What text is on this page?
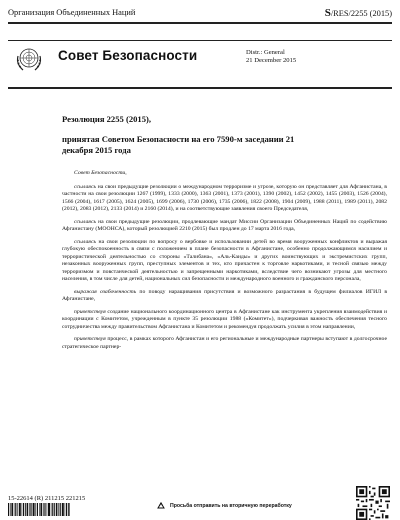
Организация Объединенных Наций	S/RES/2255 (2015)
Совет Безопасности	Distr.: General
21 December 2015
Резолюция 2255 (2015),
принятая Советом Безопасности на его 7590-м заседании 21 декабря 2015 года

Совет Безопасности,

ссылаясь на свои предыдущие резолюции о международном терроризме и угрозе, которую он представляет для Афганистана, в частности на свои резолюции 1267 (1999), 1333 (2000), 1363 (2001), 1373 (2001), 1390 (2002), 1452 (2002), 1455 (2003), 1526 (2004), 1566 (2004), 1617 (2005), 1624 (2005), 1699 (2006), 1730 (2006), 1735 (2006), 1822 (2008), 1904 (2009), 1988 (2011), 1989 (2011), 2082 (2012), 2083 (2012), 2133 (2014) и 2160 (2014), и на соответствующие заявления своего Председателя,

ссылаясь на свои предыдущие резолюции, продлевающие мандат Миссии Организации Объединенных Наций по содействию Афганистану (МООНСА), который резолюцией 2210 (2015) был продлен до 17 марта 2016 года,

ссылаясь на свои резолюции по вопросу о вербовке и использовании детей во время вооруженных конфликтов и выражая глубокую обеспокоенность в связи с положением в плане безопасности в Афганистане, особенно продолжающимся насилием и террористической деятельностью со стороны «Талибана», «Аль-Каиды» и других воинствующих и экстремистских групп, незаконных вооруженных групп, преступных элементов и тех, кто причастен к торговле наркотиками, и тесной связью между терроризмом и повстанческой деятельностью и запрещенными наркотиками, вследствие чего возникают угрозы для местного населения, в том числе для детей, национальных сил безопасности и международного военного и гражданского персонала,

выражая озабоченность по поводу наращивания присутствия и возможного разрастания в будущем филиалов ИГИЛ в Афганистане,

приветствуя создание национального координационного центра в Афганистане как инструмента укрепления взаимодействия и координации с Комитетом, учрежденным в пункте 35 резолюции 1988 («Комитет»), подчеркивая важность обеспечения тесного сотрудничества между правительством Афганистана и Комитетом и рекомендуя продолжать усилия в этом направлении,

приветствуя процесс, в рамках которого Афганистан и его региональные и международные партнеры вступают в долгосрочное стратегическое партнер-

15-22614 (R) 211215 221215
Просьба отправить на вторичную переработку
